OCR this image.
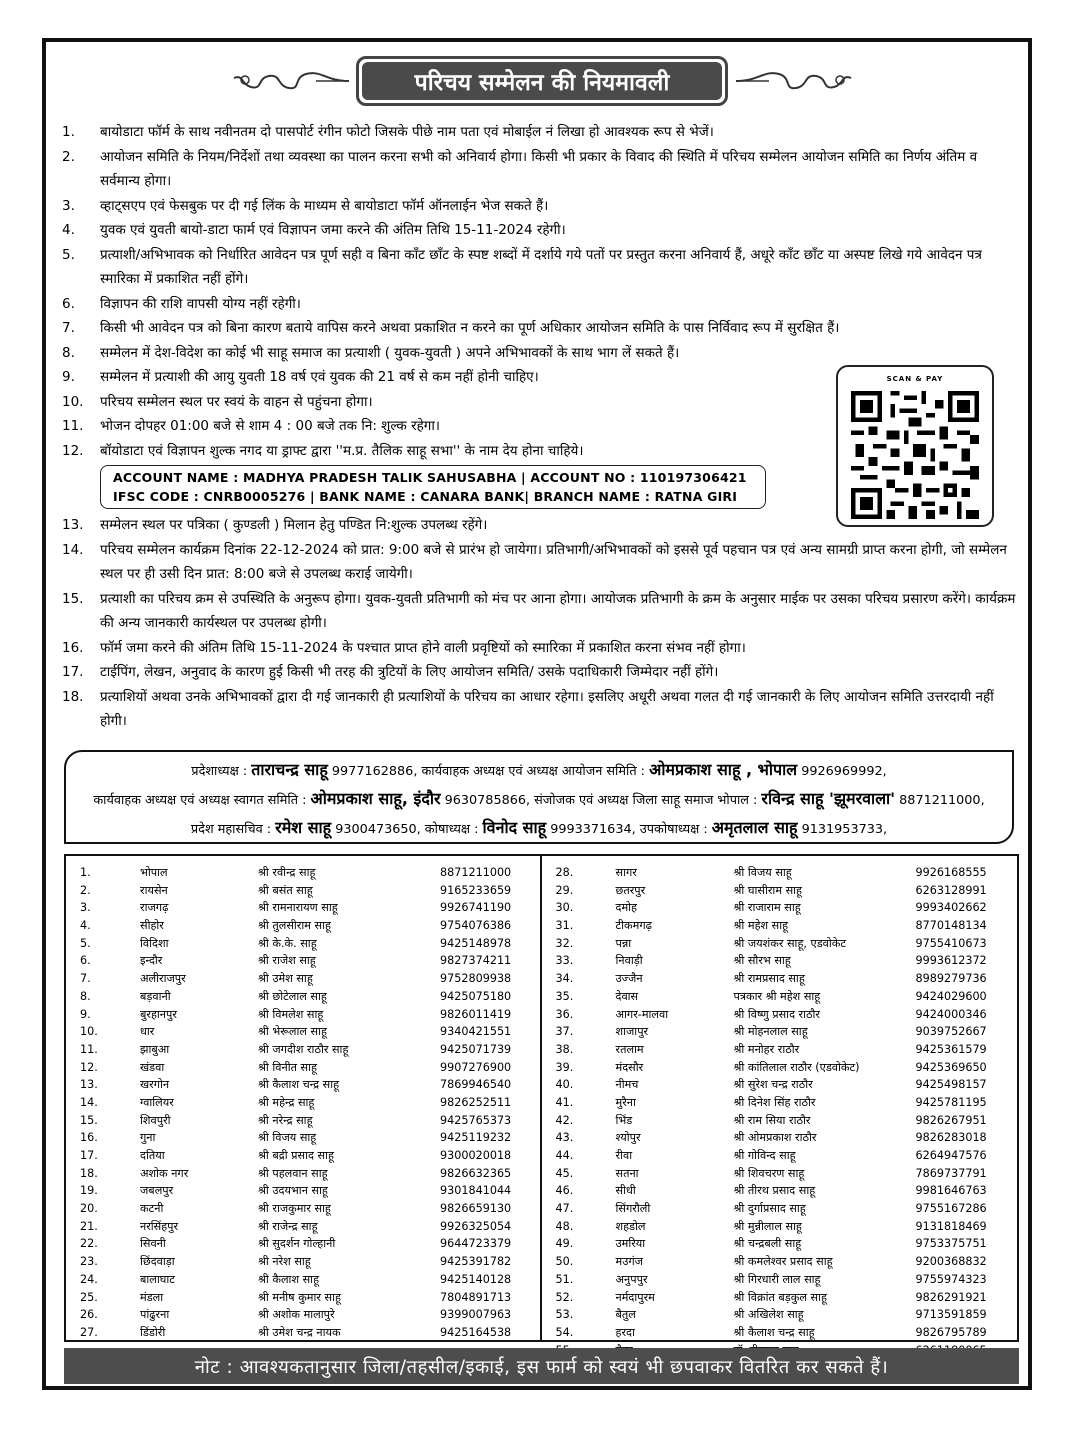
परिचय सम्मेलन की नियमावली
1.	बायोडाटा फॉर्म के साथ नवीनतम दो पासपोर्ट रंगीन फोटो जिसके पीछे नाम पता एवं मोबाईल नं लिखा हो आवश्यक रूप से भेजें।
2.	आयोजन समिति के नियम/निर्देशों तथा व्यवस्था का पालन करना सभी को अनिवार्य होगा। किसी भी प्रकार के विवाद की स्थिति में परिचय सम्मेलन आयोजन समिति का निर्णय अंतिम व सर्वमान्य होगा।
3.	व्हाट्सएप एवं फेसबुक पर दी गई लिंक के माध्यम से बायोडाटा फॉर्म ऑनलाईन भेज सकते हैं।
4.	युवक एवं युवती बायो-डाटा फार्म एवं विज्ञापन जमा करने की अंतिम तिथि 15-11-2024 रहेगी।
5.	प्रत्याशी/अभिभावक को निर्धारित आवेदन पत्र पूर्ण सही व बिना काँट छाँट के स्पष्ट शब्दों में दर्शाये गये पतों पर प्रस्तुत करना अनिवार्य हैं, अधूरे काँट छाँट या अस्पष्ट लिखे गये आवेदन पत्र स्मारिका में प्रकाशित नहीं होंगे।
6.	विज्ञापन की राशि वापसी योग्य नहीं रहेगी।
7.	किसी भी आवेदन पत्र को बिना कारण बताये वापिस करने अथवा प्रकाशित न करने का पूर्ण अधिकार आयोजन समिति के पास निर्विवाद रूप में सुरक्षित हैं।
8.	सम्मेलन में देश-विदेश का कोई भी साहू समाज का प्रत्याशी ( युवक-युवती ) अपने अभिभावकों के साथ भाग लें सकते हैं।
9.	सम्मेलन में प्रत्याशी की आयु युवती 18 वर्ष एवं युवक की 21 वर्ष से कम नहीं होनी चाहिए।
10.	परिचय सम्मेलन स्थल पर स्वयं के वाहन से पहुंचना होगा।
11.	भोजन दोपहर 01:00 बजे से शाम 4 : 00 बजे तक नि: शुल्क रहेगा।
12.	बॉयोडाटा एवं विज्ञापन शुल्क नगद या ड्राफ्ट द्वारा ''म.प्र. तैलिक साहू सभा'' के नाम देय होना चाहिये।
ACCOUNT NAME : MADHYA PRADESH TALIK SAHUSABHA | ACCOUNT NO : 110197306421
IFSC CODE : CNRB0005276 | BANK NAME : CANARA BANK| BRANCH NAME : RATNA GIRI
13.	सम्मेलन स्थल पर पत्रिका ( कुण्डली ) मिलान हेतु पण्डित नि:शुल्क उपलब्ध रहेंगे।
14.	परिचय सम्मेलन कार्यक्रम दिनांक 22-12-2024 को प्रात: 9:00 बजे से प्रारंभ हो जायेगा। प्रतिभागी/अभिभावकों को इससे पूर्व पहचान पत्र एवं अन्य सामग्री प्राप्त करना होगी, जो सम्मेलन स्थल पर ही उसी दिन प्रात: 8:00 बजे से उपलब्ध कराई जायेगी।
15.	प्रत्याशी का परिचय क्रम से उपस्थिति के अनुरूप होगा। युवक-युवती प्रतिभागी को मंच पर आना होगा। आयोजक प्रतिभागी के क्रम के अनुसार माईक पर उसका परिचय प्रसारण करेंगे। कार्यक्रम की अन्य जानकारी कार्यस्थल पर उपलब्ध होगी।
16.	फॉर्म जमा करने की अंतिम तिथि 15-11-2024 के पश्चात प्राप्त होने वाली प्रवृष्टियों को स्मारिका में प्रकाशित करना संभव नहीं होगा।
17.	टाईपिंग, लेखन, अनुवाद के कारण हुई किसी भी तरह की त्रुटियों के लिए आयोजन समिति/ उसके पदाधिकारी जिम्मेदार नहीं होंगे।
18.	प्रत्याशियों अथवा उनके अभिभावकों द्वारा दी गई जानकारी ही प्रत्याशियों के परिचय का आधार रहेगा। इसलिए अधूरी अथवा गलत दी गई जानकारी के लिए आयोजन समिति उत्तरदायी नहीं होगी।
SCAN & PAY
प्रदेशाध्यक्ष : ताराचन्द्र साहू 9977162886, कार्यवाहक अध्यक्ष एवं अध्यक्ष आयोजन समिति : ओमप्रकाश साहू , भोपाल 9926969992,
कार्यवाहक अध्यक्ष एवं अध्यक्ष स्वागत समिति : ओमप्रकाश साहू, इंदौर 9630785866, संजोजक एवं अध्यक्ष जिला साहू समाज भोपाल : रविन्द्र साहू 'झूमरवाला' 8871211000,
प्रदेश महासचिव : रमेश साहू 9300473650, कोषाध्यक्ष : विनोद साहू 9993371634, उपकोषाध्यक्ष : अमृतलाल साहू 9131953733,
1.	भोपाल	श्री रवीन्द्र साहू	8871211000
2.	रायसेन	श्री बसंत साहू	9165233659
3.	राजगढ़	श्री रामनारायण साहू	9926741190
4.	सीहोर	श्री तुलसीराम साहू	9754076386
5.	विदिशा	श्री के.के. साहू	9425148978
6.	इन्दौर	श्री राजेश साहू	9827374211
7.	अलीराजपुर	श्री उमेश साहू	9752809938
8.	बड़वानी	श्री छोटेलाल साहू	9425075180
9.	बुरहानपुर	श्री विमलेश साहू	9826011419
10.	धार	श्री भेरूलाल साहू	9340421551
11.	झाबुआ	श्री जगदीश राठौर साहू	9425071739
12.	खंडवा	श्री विनीत साहू	9907276900
13.	खरगोन	श्री कैलाश चन्द्र साहू	7869946540
14.	ग्वालियर	श्री महेन्द्र साहू	9826252511
15.	शिवपुरी	श्री नरेन्द्र साहू	9425765373
16.	गुना	श्री विजय साहू	9425119232
17.	दतिया	श्री बद्री प्रसाद साहू	9300020018
18.	अशोक नगर	श्री पहलवान साहू	9826632365
19.	जबलपुर	श्री उदयभान साहू	9301841044
20.	कटनी	श्री राजकुमार साहू	9826659130
21.	नरसिंहपुर	श्री राजेन्द्र साहू	9926325054
22.	सिवनी	श्री सुदर्शन गोल्हानी	9644723379
23.	छिंदवाड़ा	श्री नरेश साहू	9425391782
24.	बालाघाट	श्री कैलाश साहू	9425140128
25.	मंडला	श्री मनीष कुमार साहू	7804891713
26.	पांढुरना	श्री अशोक मालापुरे	9399007963
27.	डिंडोरी	श्री उमेश चन्द्र नायक	9425164538
28.	सागर	श्री विजय साहू	9926168555
29.	छतरपुर	श्री घासीराम साहू	6263128991
30.	दमोह	श्री राजाराम साहू	9993402662
31.	टीकमगढ़	श्री महेश साहू	8770148134
32.	पन्ना	श्री जयशंकर साहू, एडवोकेट	9755410673
33.	निवाड़ी	श्री सौरभ साहू	9993612372
34.	उज्जैन	श्री रामप्रसाद साहू	8989279736
35.	देवास	पत्रकार श्री महेश साहू	9424029600
36.	आगर-मालवा	श्री विष्णु प्रसाद राठौर	9424000346
37.	शाजापुर	श्री मोहनलाल साहू	9039752667
38.	रतलाम	श्री मनोहर राठौर	9425361579
39.	मंदसौर	श्री कांतिलाल राठौर (एडवोकेट)	9425369650
40.	नीमच	श्री सुरेश चन्द्र राठौर	9425498157
41.	मुरैना	श्री दिनेश सिंह राठौर	9425781195
42.	भिंड	श्री राम सिया राठौर	9826267951
43.	श्योपुर	श्री ओमप्रकाश राठौर	9826283018
44.	रीवा	श्री गोविन्द साहू	6264947576
45.	सतना	श्री शिवचरण साहू	7869737791
46.	सीधी	श्री तीरथ प्रसाद साहू	9981646763
47.	सिंगरौली	श्री दुर्गाप्रसाद साहू	9755167286
48.	शहडोल	श्री मुन्नीलाल साहू	9131818469
49.	उमरिया	श्री चन्द्रबली साहू	9753375751
50.	मउगंज	श्री कमलेश्वर प्रसाद साहू	9200368832
51.	अनुपपुर	श्री गिरधारी लाल साहू	9755974323
52.	नर्मदापुरम	श्री विक्रांत बड़कुल साहू	9826291921
53.	बैतुल	श्री अखिलेश साहू	9713591859
54.	हरदा	श्री कैलाश चन्द्र साहू	9826795789
नोट : आवश्यकतानुसार जिला/तहसील/इकाई, इस फार्म को स्वयं भी छपवाकर वितरित कर सकते हैं।
